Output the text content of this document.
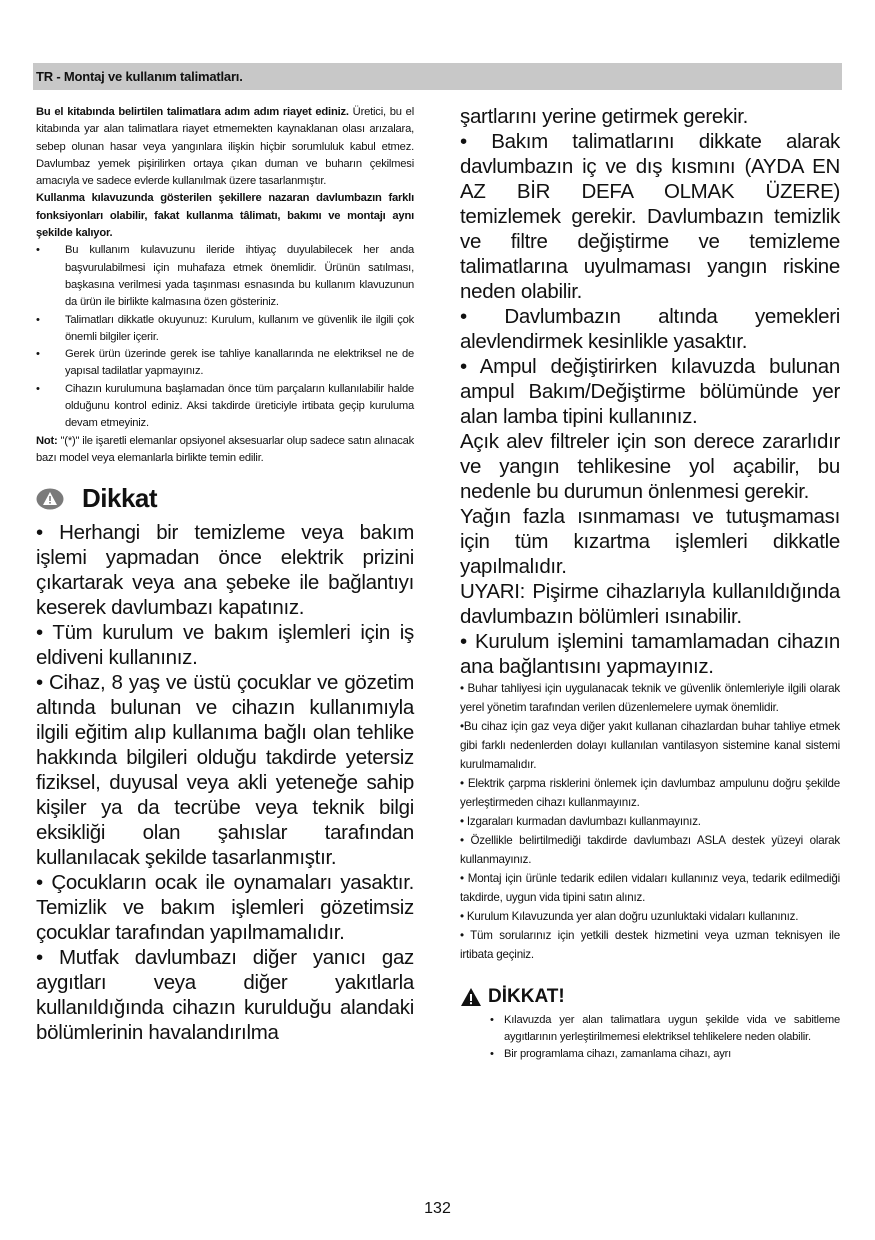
TR - Montaj ve kullanım talimatları.

Bu el kitabında belirtilen talimatlara adım adım riayet ediniz. Üretici, bu el kitabında yar alan talimatlara riayet etmemekten kaynaklanan olası arızalara, sebep olunan hasar veya yangınlara ilişkin hiçbir sorumluluk kabul etmez. Davlumbaz yemek pişirilirken ortaya çıkan duman ve buharın çekilmesi amacıyla ve sadece evlerde kullanılmak üzere tasarlanmıştır.

Kullanma kılavuzunda gösterilen şekillere nazaran davlumbazın farklı fonksiyonları olabilir, fakat kullanma tâlimatı, bakımı ve montajı aynı şekilde kalıyor.

• Bu kullanım kulavuzunu ileride ihtiyaç duyulabilecek her anda başvurulabilmesi için muhafaza etmek önemlidir. Ürünün satılması, başkasına verilmesi yada taşınması esnasında bu kullanım klavuzunun da ürün ile birlikte kalmasına özen gösteriniz.
• Talimatları dikkatle okuyunuz: Kurulum, kullanım ve güvenlik ile ilgili çok önemli bilgiler içerir.
• Gerek ürün üzerinde gerek ise tahliye kanallarında ne elektriksel ne de yapısal tadilatlar yapmayınız.
• Cihazın kurulumuna başlamadan önce tüm parçaların kullanılabilir halde olduğunu kontrol ediniz. Aksi takdirde üreticiyle irtibata geçip kuruluma devam etmeyiniz.

Not: "(*)" ile işaretli elemanlar opsiyonel aksesuarlar olup sadece satın alınacak bazı model veya elemanlarla birlikte temin edilir.

Dikkat

• Herhangi bir temizleme veya bakım işlemi yapmadan önce elektrik prizini çıkartarak veya ana şebeke ile bağlantıyı keserek davlumbazı kapatınız.

• Tüm kurulum ve bakım işlemleri için iş eldiveni kullanınız.

• Cihaz, 8 yaş ve üstü çocuklar ve gözetim altında bulunan ve cihazın kullanımıyla ilgili eğitim alıp kullanıma bağlı olan tehlike hakkında bilgileri olduğu takdirde yetersiz fiziksel, duyusal veya akli yeteneğe sahip kişiler ya da tecrübe veya teknik bilgi eksikliği olan şahıslar tarafından kullanılacak şekilde tasarlanmıştır.

• Çocukların ocak ile oynamaları yasaktır. Temizlik ve bakım işlemleri gözetimsiz çocuklar tarafından yapılmamalıdır.

• Mutfak davlumbazı diğer yanıcı gaz aygıtları veya diğer yakıtlarla kullanıldığında cihazın kurulduğu alandaki bölümlerinin havalandırılma

şartlarını yerine getirmek gerekir.

• Bakım talimatlarını dikkate alarak davlumbazın iç ve dış kısmını (AYDA EN AZ BİR DEFA OLMAK ÜZERE) temizlemek gerekir. Davlumbazın temizlik ve filtre değiştirme ve temizleme talimatlarına uyulmaması yangın riskine neden olabilir.

• Davlumbazın altında yemekleri alevlendirmek kesinlikle yasaktır.

• Ampul değiştirirken kılavuzda bulunan ampul Bakım/Değiştirme bölümünde yer alan lamba tipini kullanınız.

Açık alev filtreler için son derece zararlıdır ve yangın tehlikesine yol açabilir, bu nedenle bu durumun önlenmesi gerekir.

Yağın fazla ısınmaması ve tutuşmaması için tüm kızartma işlemleri dikkatle yapılmalıdır.

UYARI: Pişirme cihazlarıyla kullanıldığında davlumbazın bölümleri ısınabilir.

• Kurulum işlemini tamamlamadan cihazın ana bağlantısını yapmayınız.

• Buhar tahliyesi için uygulanacak teknik ve güvenlik önlemleriyle ilgili olarak yerel yönetim tarafından verilen düzenlemelere uymak önemlidir.

•Bu cihaz için gaz veya diğer yakıt kullanan cihazlardan buhar tahliye etmek gibi farklı nedenlerden dolayı kullanılan vantilasyon sistemine kanal sistemi kurulmamalıdır.

• Elektrik çarpma risklerini önlemek için davlumbaz ampulunu doğru şekilde yerleştirmeden cihazı kullanmayınız.

• Izgaraları kurmadan davlumbazı kullanmayınız.

• Özellikle belirtilmediği takdirde davlumbazı ASLA destek yüzeyi olarak kullanmayınız.

• Montaj için ürünle tedarik edilen vidaları kullanınız veya, tedarik edilmediği takdirde, uygun vida tipini satın alınız.

• Kurulum Kılavuzunda yer alan doğru uzunluktaki vidaları kullanınız.

• Tüm sorularınız için yetkili destek hizmetini veya uzman teknisyen ile irtibata geçiniz.

DİKKAT!
• Kılavuzda yer alan talimatlara uygun şekilde vida ve sabitleme aygıtlarının yerleştirilmemesi elektriksel tehlikelere neden olabilir.
• Bir programlama cihazı, zamanlama cihazı, ayrı
132
